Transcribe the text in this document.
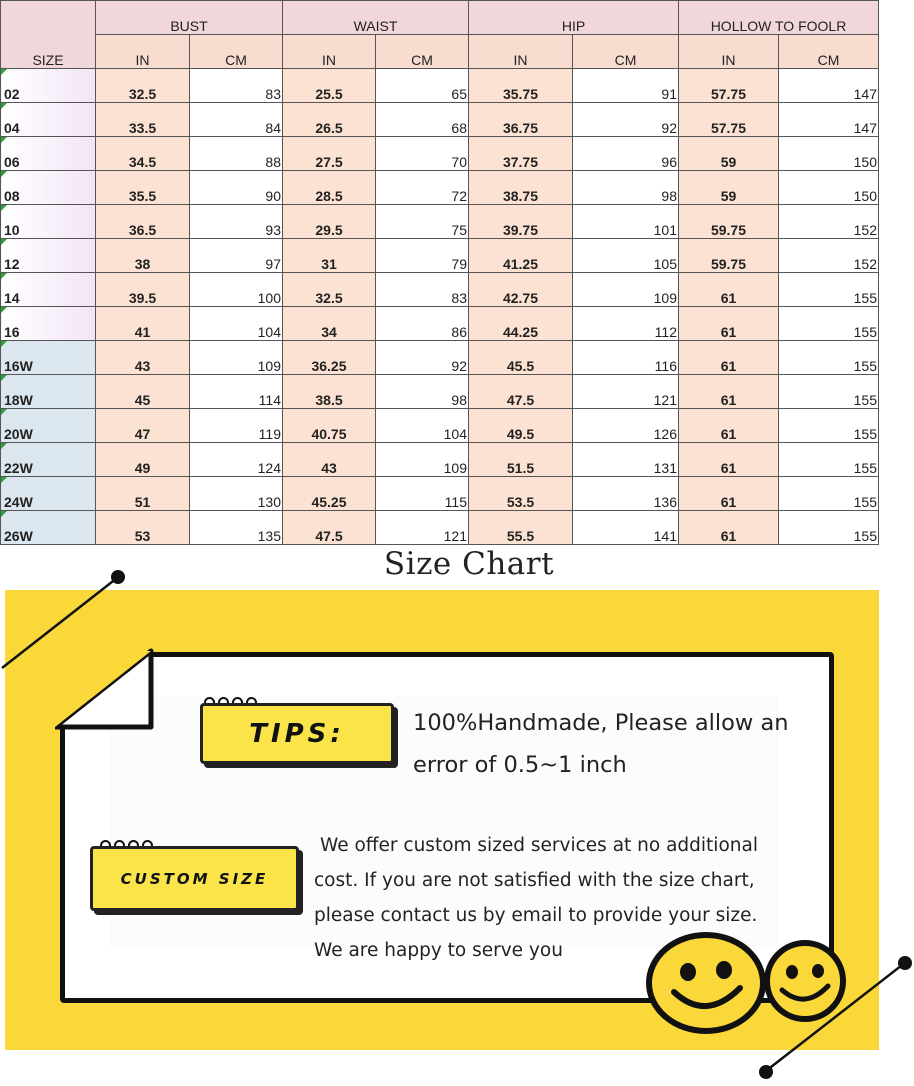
SIZE	BUST		WAIST		HIP		HOLLOW TO FOOLR	
	IN	CM	IN	CM	IN	CM	IN	CM
02	32.5	83	25.5	65	35.75	91	57.75	147
04	33.5	84	26.5	68	36.75	92	57.75	147
06	34.5	88	27.5	70	37.75	96	59	150
08	35.5	90	28.5	72	38.75	98	59	150
10	36.5	93	29.5	75	39.75	101	59.75	152
12	38	97	31	79	41.25	105	59.75	152
14	39.5	100	32.5	83	42.75	109	61	155
16	41	104	34	86	44.25	112	61	155
16W	43	109	36.25	92	45.5	116	61	155
18W	45	114	38.5	98	47.5	121	61	155
20W	47	119	40.75	104	49.5	126	61	155
22W	49	124	43	109	51.5	131	61	155
24W	51	130	45.25	115	53.5	136	61	155
26W	53	135	47.5	121	55.5	141	61	155
Size Chart
TIPS:	100%Handmade, Please allow an
error of 0.5~1 inch
CUSTOM SIZE
We offer custom sized services at no additional
cost. If you are not satisfied with the size chart,
please contact us by email to provide your size.
We are happy to serve you
